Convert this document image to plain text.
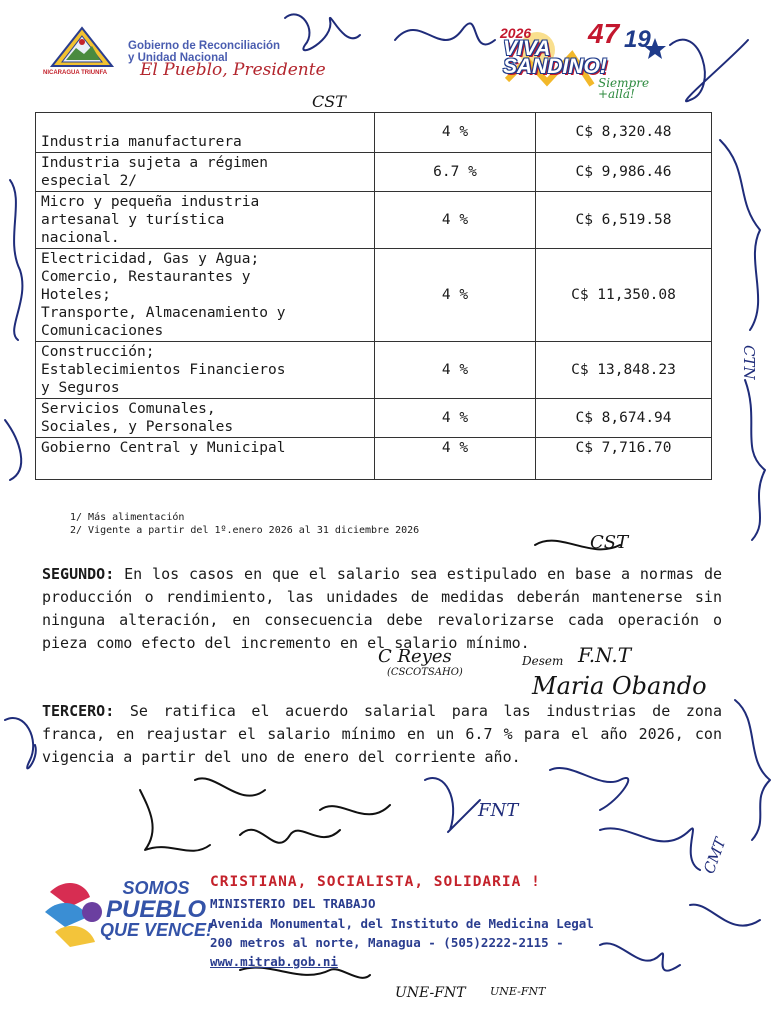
NICARAGUA TRIUNFA
Gobierno de Reconciliación
y Unidad Nacional
El Pueblo, Presidente
2026
VIVA
SANDINO!
47 19
Siempre
+allá!
Industria manufacturera	4 %	C$ 8,320.48

Industria sujeta a régimen
especial 2/	6.7 %	C$ 9,986.46

Micro y pequeña industria
artesanal y turística
nacional.	4 %	C$ 6,519.58

Electricidad, Gas y Agua;
Comercio, Restaurantes y
Hoteles;
Transporte, Almacenamiento y
Comunicaciones	4 %	C$ 11,350.08

Construcción;
Establecimientos Financieros
y Seguros	4 %	C$ 13,848.23

Servicios Comunales,
Sociales, y Personales	4 %	C$ 8,674.94

Gobierno Central y Municipal	4 %	C$ 7,716.70
1/ Más alimentación
2/ Vigente a partir del 1º.enero 2026 al 31 diciembre 2026
SEGUNDO: En los casos en que el salario sea estipulado en base a normas de producción o rendimiento, las unidades de medidas deberán mantenerse sin ninguna alteración, en consecuencia debe revalorizarse cada operación o pieza como efecto del incremento en el salario mínimo.
TERCERO: Se ratifica el acuerdo salarial para las industrias de zona franca, en reajustar el salario mínimo en un 6.7 % para el año 2026, con vigencia a partir del uno de enero del corriente año.
CST
CST
C Reyes
(CSCOTSAHO)
Desem F.N.T
Maria Obando
FNT
UNE-FNT UNE-FNT
CMT
CTN
SOMOS
PUEBLO
QUE VENCE!
CRISTIANA, SOCIALISTA, SOLIDARIA !
MINISTERIO DEL TRABAJO
Avenida Monumental, del Instituto de Medicina Legal
200 metros al norte, Managua - (505)2222-2115 -
www.mitrab.gob.ni
